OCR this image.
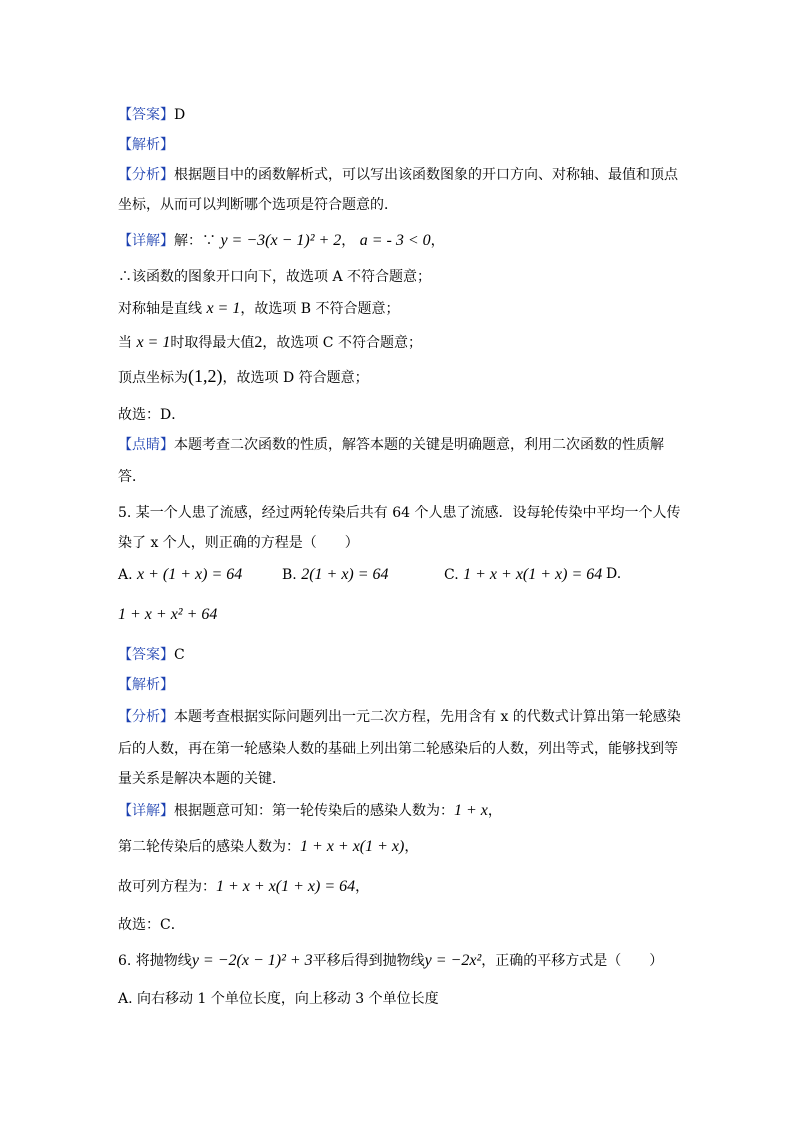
【答案】D
【解析】
【分析】根据题目中的函数解析式，可以写出该函数图象的开口方向、对称轴、最值和顶点
坐标，从而可以判断哪个选项是符合题意的．
【详解】解：∵ y = −3(x − 1)² + 2， a = - 3 < 0，
∴该函数的图象开口向下，故选项 A 不符合题意；
对称轴是直线 x = 1，故选项 B 不符合题意；
当 x = 1时取得最大值2，故选项 C 不符合题意；
顶点坐标为(1,2)，故选项 D 符合题意；
故选：D．
【点睛】本题考查二次函数的性质，解答本题的关键是明确题意，利用二次函数的性质解
答．
5. 某一个人患了流感，经过两轮传染后共有 64 个人患了流感．设每轮传染中平均一个人传
染了 x 个人，则正确的方程是（　　）
A. x + (1 + x) = 64	B. 2(1 + x) = 64	C. 1 + x + x(1 + x) = 64 D.
1 + x + x² + 64
【答案】C
【解析】
【分析】本题考查根据实际问题列出一元二次方程，先用含有 x 的代数式计算出第一轮感染
后的人数，再在第一轮感染人数的基础上列出第二轮感染后的人数，列出等式，能够找到等
量关系是解决本题的关键．
【详解】根据题意可知：第一轮传染后的感染人数为：1 + x，
第二轮传染后的感染人数为：1 + x + x(1 + x)，
故可列方程为：1 + x + x(1 + x) = 64，
故选：C．
6. 将抛物线y = −2(x − 1)² + 3平移后得到抛物线y = −2x²，正确的平移方式是（　　）
A. 向右移动 1 个单位长度，向上移动 3 个单位长度
